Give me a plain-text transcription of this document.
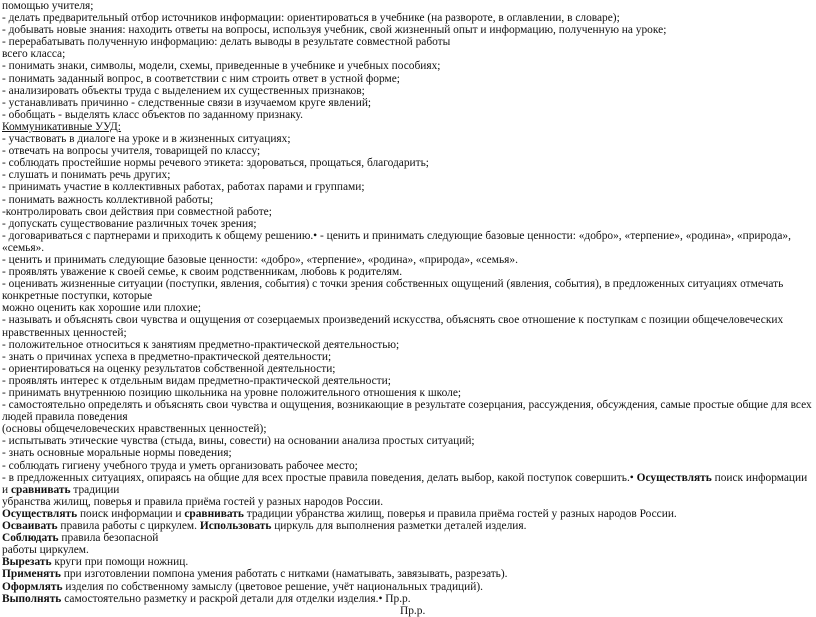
помощью учителя;
- делать предварительный отбор источников информации: ориентироваться в учебнике (на развороте, в оглавлении, в словаре);
- добывать новые знания: находить ответы на вопросы, используя учебник, свой жизненный опыт и информацию, полученную на уроке;
- перерабатывать полученную информацию: делать выводы в результате совместной работы
всего класса;
- понимать знаки, символы, модели, схемы, приведенные в учебнике и учебных пособиях;
- понимать заданный вопрос, в соответствии с ним строить ответ в устной форме;
- анализировать объекты труда с выделением их существенных признаков;
- устанавливать причинно - следственные связи в изучаемом круге явлений;
- обобщать - выделять класс объектов по заданному признаку.
Коммуникативные УУД:
- участвовать в диалоге на уроке и в жизненных ситуациях;
- отвечать на вопросы учителя, товарищей по классу;
- соблюдать простейшие нормы речевого этикета: здороваться, прощаться, благодарить;
- слушать и понимать речь других;
- принимать участие в коллективных работах, работах парами и группами;
- понимать важность коллективной работы;
-контролировать свои действия при совместной работе;
- допускать существование различных точек зрения;
- договариваться с партнерами и приходить к общему решению.• - ценить и принимать следующие базовые ценности: «добро», «терпение», «родина», «природа», «семья».
- ценить и принимать следующие базовые ценности: «добро», «терпение», «родина», «природа», «семья».
- проявлять уважение к своей семье, к своим родственникам, любовь к родителям.
- оценивать жизненные ситуации (поступки, явления, события) с точки зрения собственных ощущений (явления, события), в предложенных ситуациях отмечать конкретные поступки, которые
можно оценить как хорошие или плохие;
- называть и объяснять свои чувства и ощущения от созерцаемых произведений искусства, объяснять свое отношение к поступкам с позиции общечеловеческих нравственных ценностей;
- положительное относиться к занятиям предметно-практической деятельностью;
- знать о причинах успеха в предметно-практической деятельности;
- ориентироваться на оценку результатов собственной деятельности;
- проявлять интерес к отдельным видам предметно-практической деятельности;
- принимать внутреннюю позицию школьника на уровне положительного отношения к школе;
- самостоятельно определять и объяснять свои чувства и ощущения, возникающие в результате созерцания, рассуждения, обсуждения, самые простые общие для всех людей правила поведения
(основы общечеловеческих нравственных ценностей);
- испытывать этические чувства (стыда, вины, совести) на основании анализа простых ситуаций;
- знать основные моральные нормы поведения;
- соблюдать гигиену учебного труда и уметь организовать рабочее место;
- в предложенных ситуациях, опираясь на общие для всех простые правила поведения, делать выбор, какой поступок совершить.• Осуществлять поиск информации и сравнивать традиции
убранства жилищ, поверья и правила приёма гостей у разных народов России.
Осуществлять поиск информации и сравнивать традиции убранства жилищ, поверья и правила приёма гостей у разных народов России.
Осваивать правила работы с циркулем. Использовать циркуль для выполнения разметки деталей изделия.
Соблюдать правила безопасной
работы циркулем.
Вырезать круги при помощи ножниц.
Применять при изготовлении помпона умения работать с нитками (наматывать, завязывать, разрезать).
Оформлять изделия по собственному замыслу (цветовое решение, учёт национальных традиций).
Выполнять самостоятельно разметку и раскрой детали для отделки изделия.• Пр.р.
Пр.р.
